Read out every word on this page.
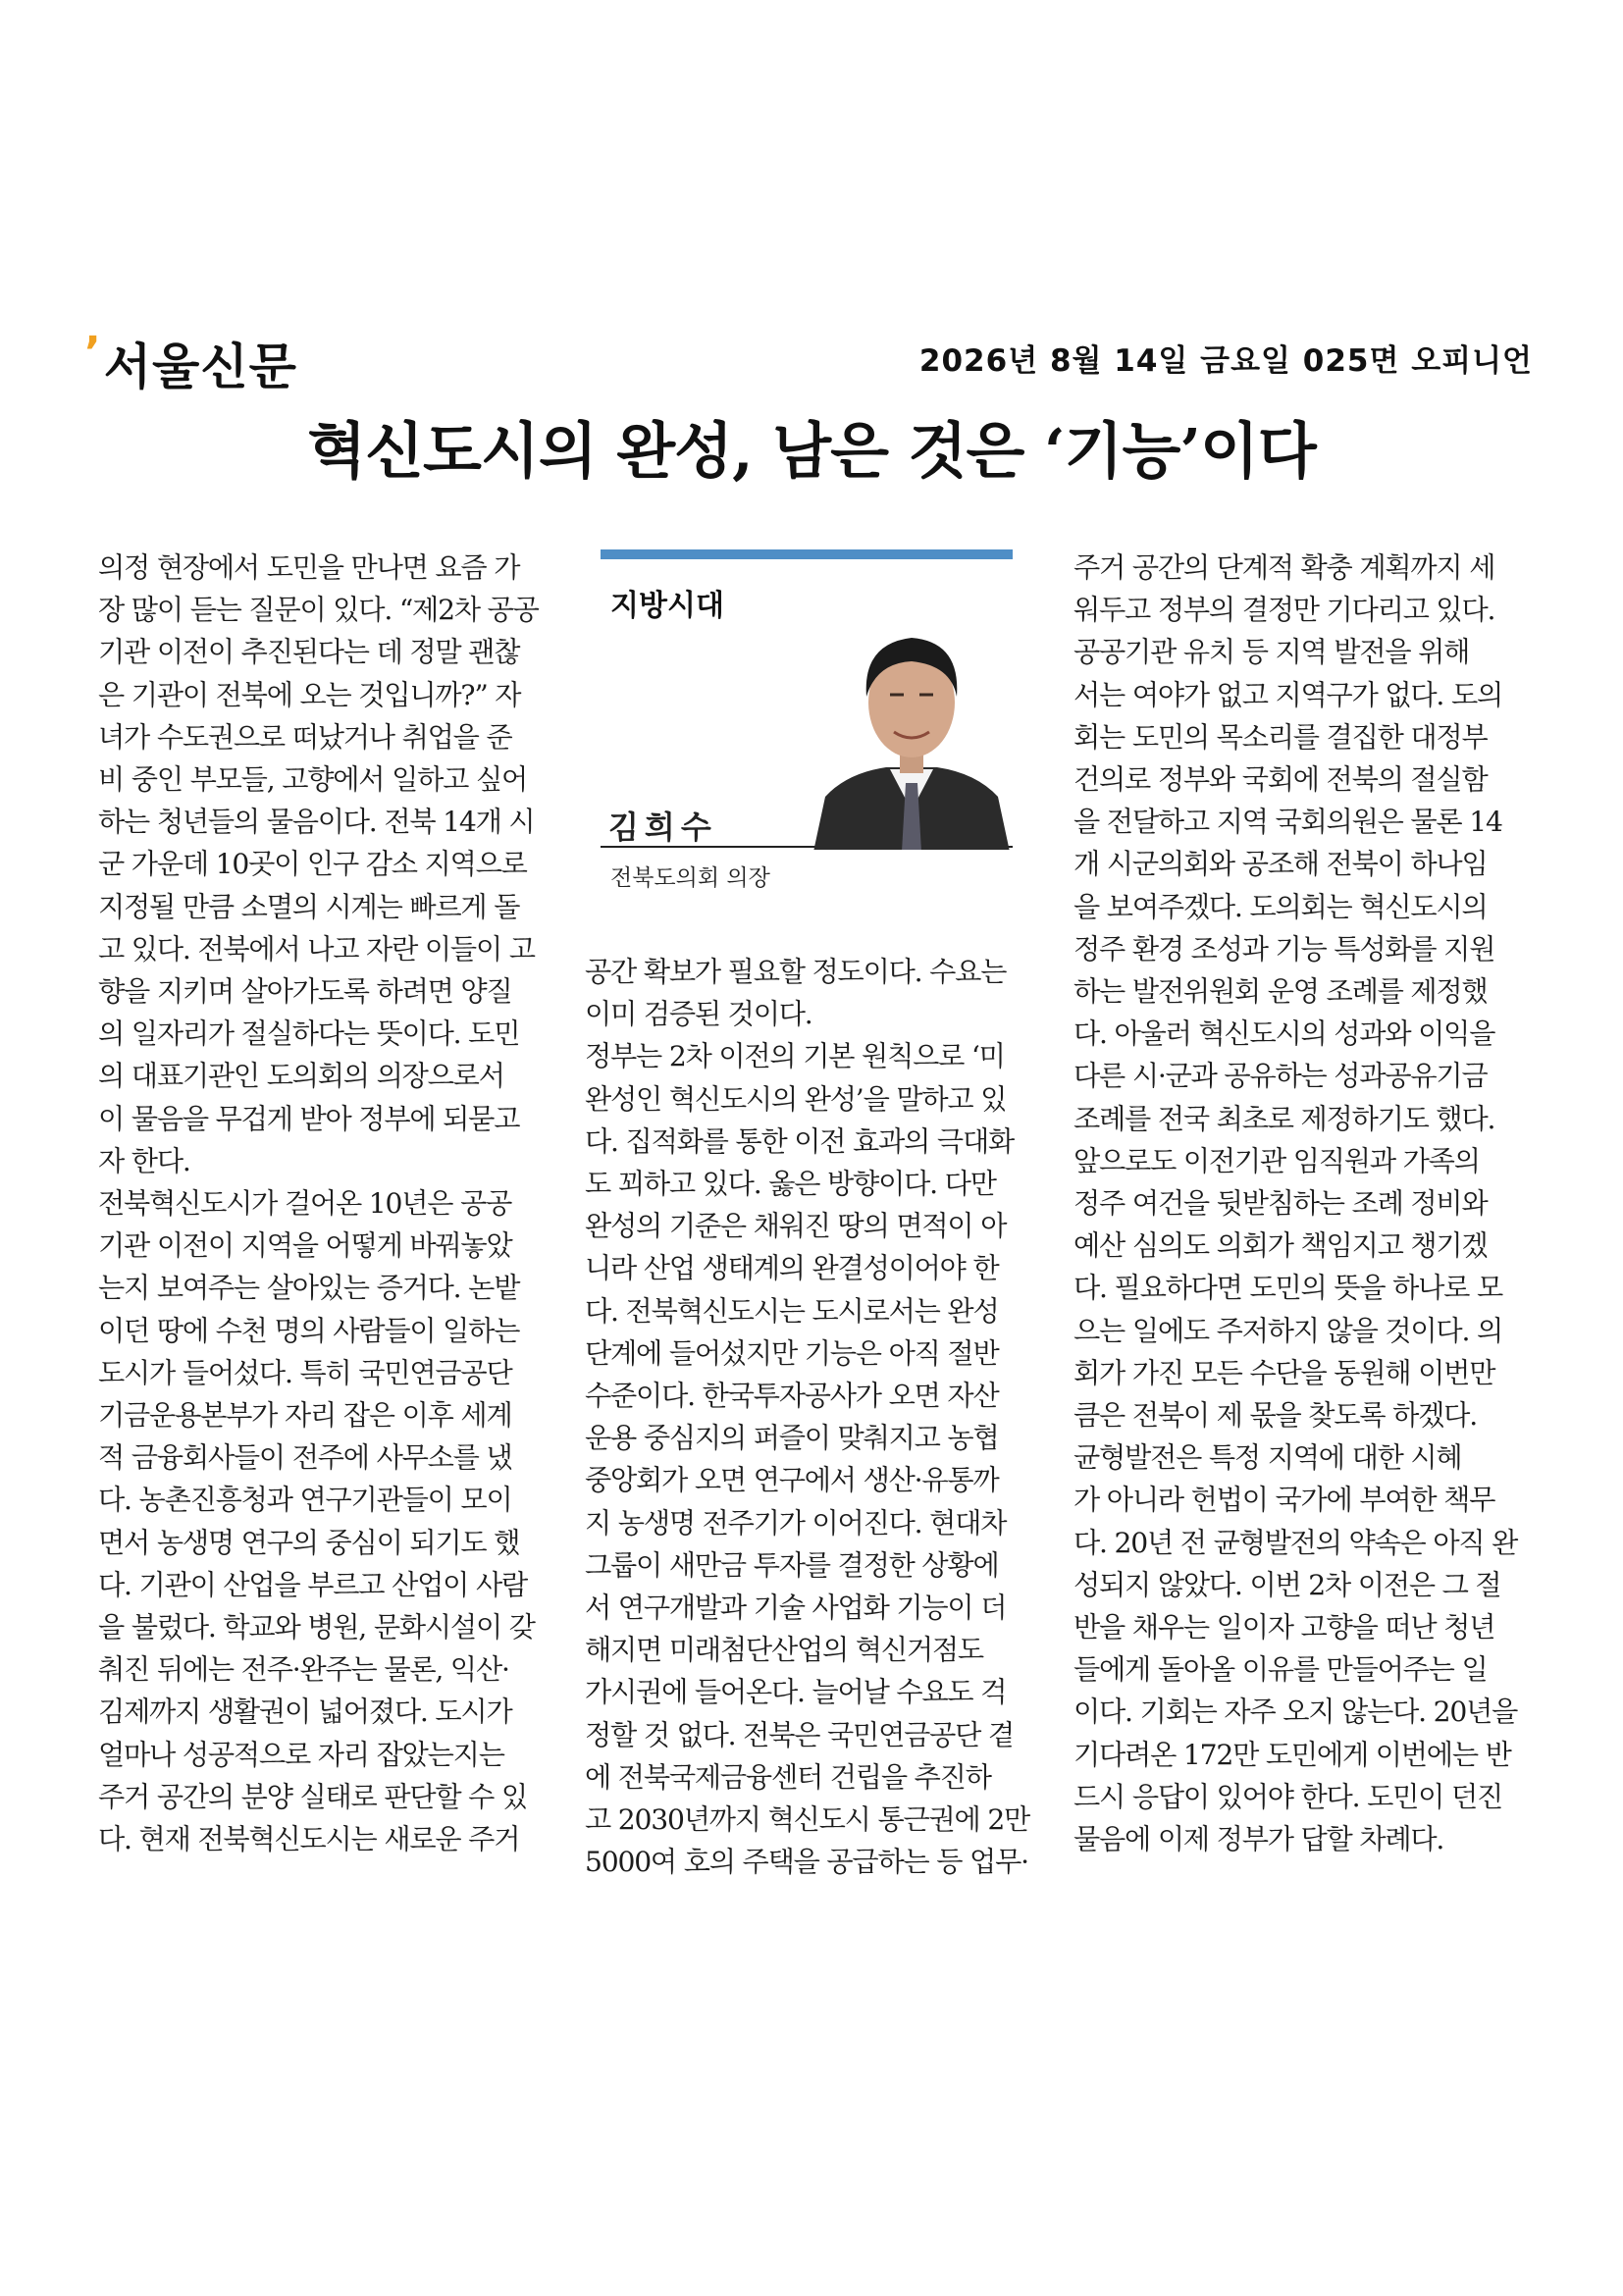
’서울신문	2026년 8월 14일 금요일 025면 오피니언
혁신도시의 완성, 남은 것은 ‘기능’이다

의정 현장에서 도민을 만나면 요즘 가

장 많이 듣는 질문이 있다. “제2차 공공

기관 이전이 추진된다는 데 정말 괜찮

은 기관이 전북에 오는 것입니까?” 자

녀가 수도권으로 떠났거나 취업을 준

비 중인 부모들, 고향에서 일하고 싶어

하는 청년들의 물음이다. 전북 14개 시

군 가운데 10곳이 인구 감소 지역으로

지정될 만큼 소멸의 시계는 빠르게 돌

고 있다. 전북에서 나고 자란 이들이 고

향을 지키며 살아가도록 하려면 양질

의 일자리가 절실하다는 뜻이다. 도민

의 대표기관인 도의회의 의장으로서

이 물음을 무겁게 받아 정부에 되묻고

자 한다.

전북혁신도시가 걸어온 10년은 공공

기관 이전이 지역을 어떻게 바꿔놓았

는지 보여주는 살아있는 증거다. 논밭

이던 땅에 수천 명의 사람들이 일하는

도시가 들어섰다. 특히 국민연금공단

기금운용본부가 자리 잡은 이후 세계

적 금융회사들이 전주에 사무소를 냈

다. 농촌진흥청과 연구기관들이 모이

면서 농생명 연구의 중심이 되기도 했

다. 기관이 산업을 부르고 산업이 사람

을 불렀다. 학교와 병원, 문화시설이 갖

춰진 뒤에는 전주·완주는 물론, 익산·

김제까지 생활권이 넓어졌다. 도시가

얼마나 성공적으로 자리 잡았는지는

주거 공간의 분양 실태로 판단할 수 있

다. 현재 전북혁신도시는 새로운 주거

지방시대
김희수
전북도의회 의장

공간 확보가 필요할 정도이다. 수요는

이미 검증된 것이다.

정부는 2차 이전의 기본 원칙으로 ‘미

완성인 혁신도시의 완성’을 말하고 있

다. 집적화를 통한 이전 효과의 극대화

도 꾀하고 있다. 옳은 방향이다. 다만

완성의 기준은 채워진 땅의 면적이 아

니라 산업 생태계의 완결성이어야 한

다. 전북혁신도시는 도시로서는 완성

단계에 들어섰지만 기능은 아직 절반

수준이다. 한국투자공사가 오면 자산

운용 중심지의 퍼즐이 맞춰지고 농협

중앙회가 오면 연구에서 생산·유통까

지 농생명 전주기가 이어진다. 현대차

그룹이 새만금 투자를 결정한 상황에

서 연구개발과 기술 사업화 기능이 더

해지면 미래첨단산업의 혁신거점도

가시권에 들어온다. 늘어날 수요도 걱

정할 것 없다. 전북은 국민연금공단 곁

에 전북국제금융센터 건립을 추진하

고 2030년까지 혁신도시 통근권에 2만

5000여 호의 주택을 공급하는 등 업무·

주거 공간의 단계적 확충 계획까지 세

워두고 정부의 결정만 기다리고 있다.

공공기관 유치 등 지역 발전을 위해

서는 여야가 없고 지역구가 없다. 도의

회는 도민의 목소리를 결집한 대정부

건의로 정부와 국회에 전북의 절실함

을 전달하고 지역 국회의원은 물론 14

개 시군의회와 공조해 전북이 하나임

을 보여주겠다. 도의회는 혁신도시의

정주 환경 조성과 기능 특성화를 지원

하는 발전위원회 운영 조례를 제정했

다. 아울러 혁신도시의 성과와 이익을

다른 시·군과 공유하는 성과공유기금

조례를 전국 최초로 제정하기도 했다.

앞으로도 이전기관 임직원과 가족의

정주 여건을 뒷받침하는 조례 정비와

예산 심의도 의회가 책임지고 챙기겠

다. 필요하다면 도민의 뜻을 하나로 모

으는 일에도 주저하지 않을 것이다. 의

회가 가진 모든 수단을 동원해 이번만

큼은 전북이 제 몫을 찾도록 하겠다.

균형발전은 특정 지역에 대한 시혜

가 아니라 헌법이 국가에 부여한 책무

다. 20년 전 균형발전의 약속은 아직 완

성되지 않았다. 이번 2차 이전은 그 절

반을 채우는 일이자 고향을 떠난 청년

들에게 돌아올 이유를 만들어주는 일

이다. 기회는 자주 오지 않는다. 20년을

기다려온 172만 도민에게 이번에는 반

드시 응답이 있어야 한다. 도민이 던진

물음에 이제 정부가 답할 차례다.
